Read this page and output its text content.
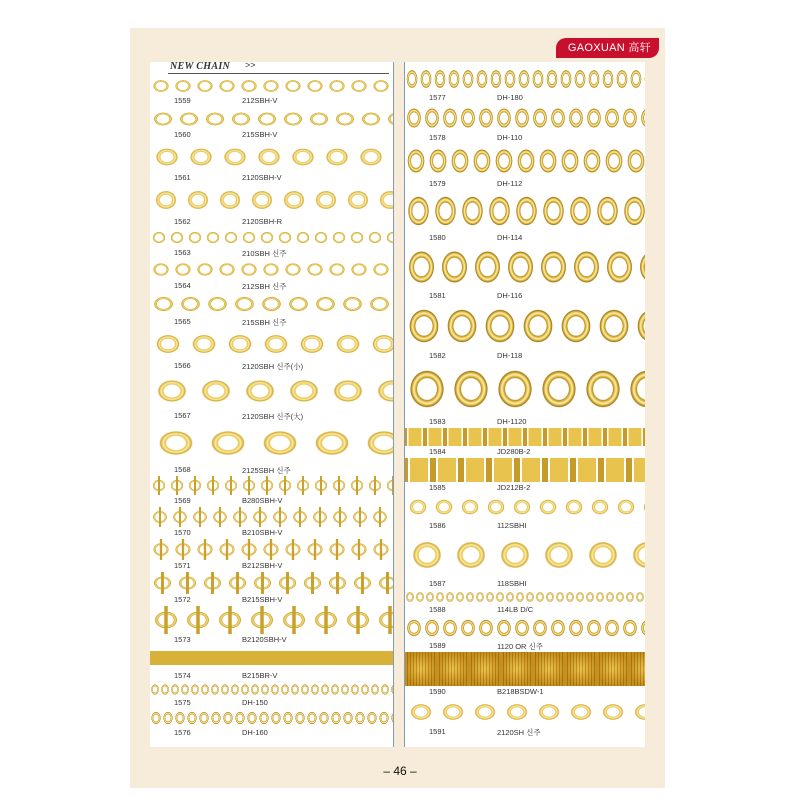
GAOXUAN 高轩
NEW CHAIN >>
1559	212SBH-V
1560	215SBH-V
1561	2120SBH-V
1562	2120SBH-R
1563	210SBH 신주
1564	212SBH 신주
1565	215SBH 신주
1566	2120SBH 신주(小)
1567	2120SBH 신주(大)
1568	2125SBH 신주
1569	B280SBH-V
1570	B210SBH-V
1571	B212SBH-V
1572	B215SBH-V
1573	B2120SBH-V
1574	B215BR-V
1575	DH-150
1576	DH-160
1577	DH-180
1578	DH-110
1579	DH-112
1580	DH-114
1581	DH-116
1582	DH-118
1583	DH-1120
1584	JD280B-2
1585	JD212B-2
1586	112SBHI
1587	118SBHI
1588	114LB D/C
1589	1120 OR 신주
1590	B218BSDW-1
1591	2120SH 신주
– 46 –
